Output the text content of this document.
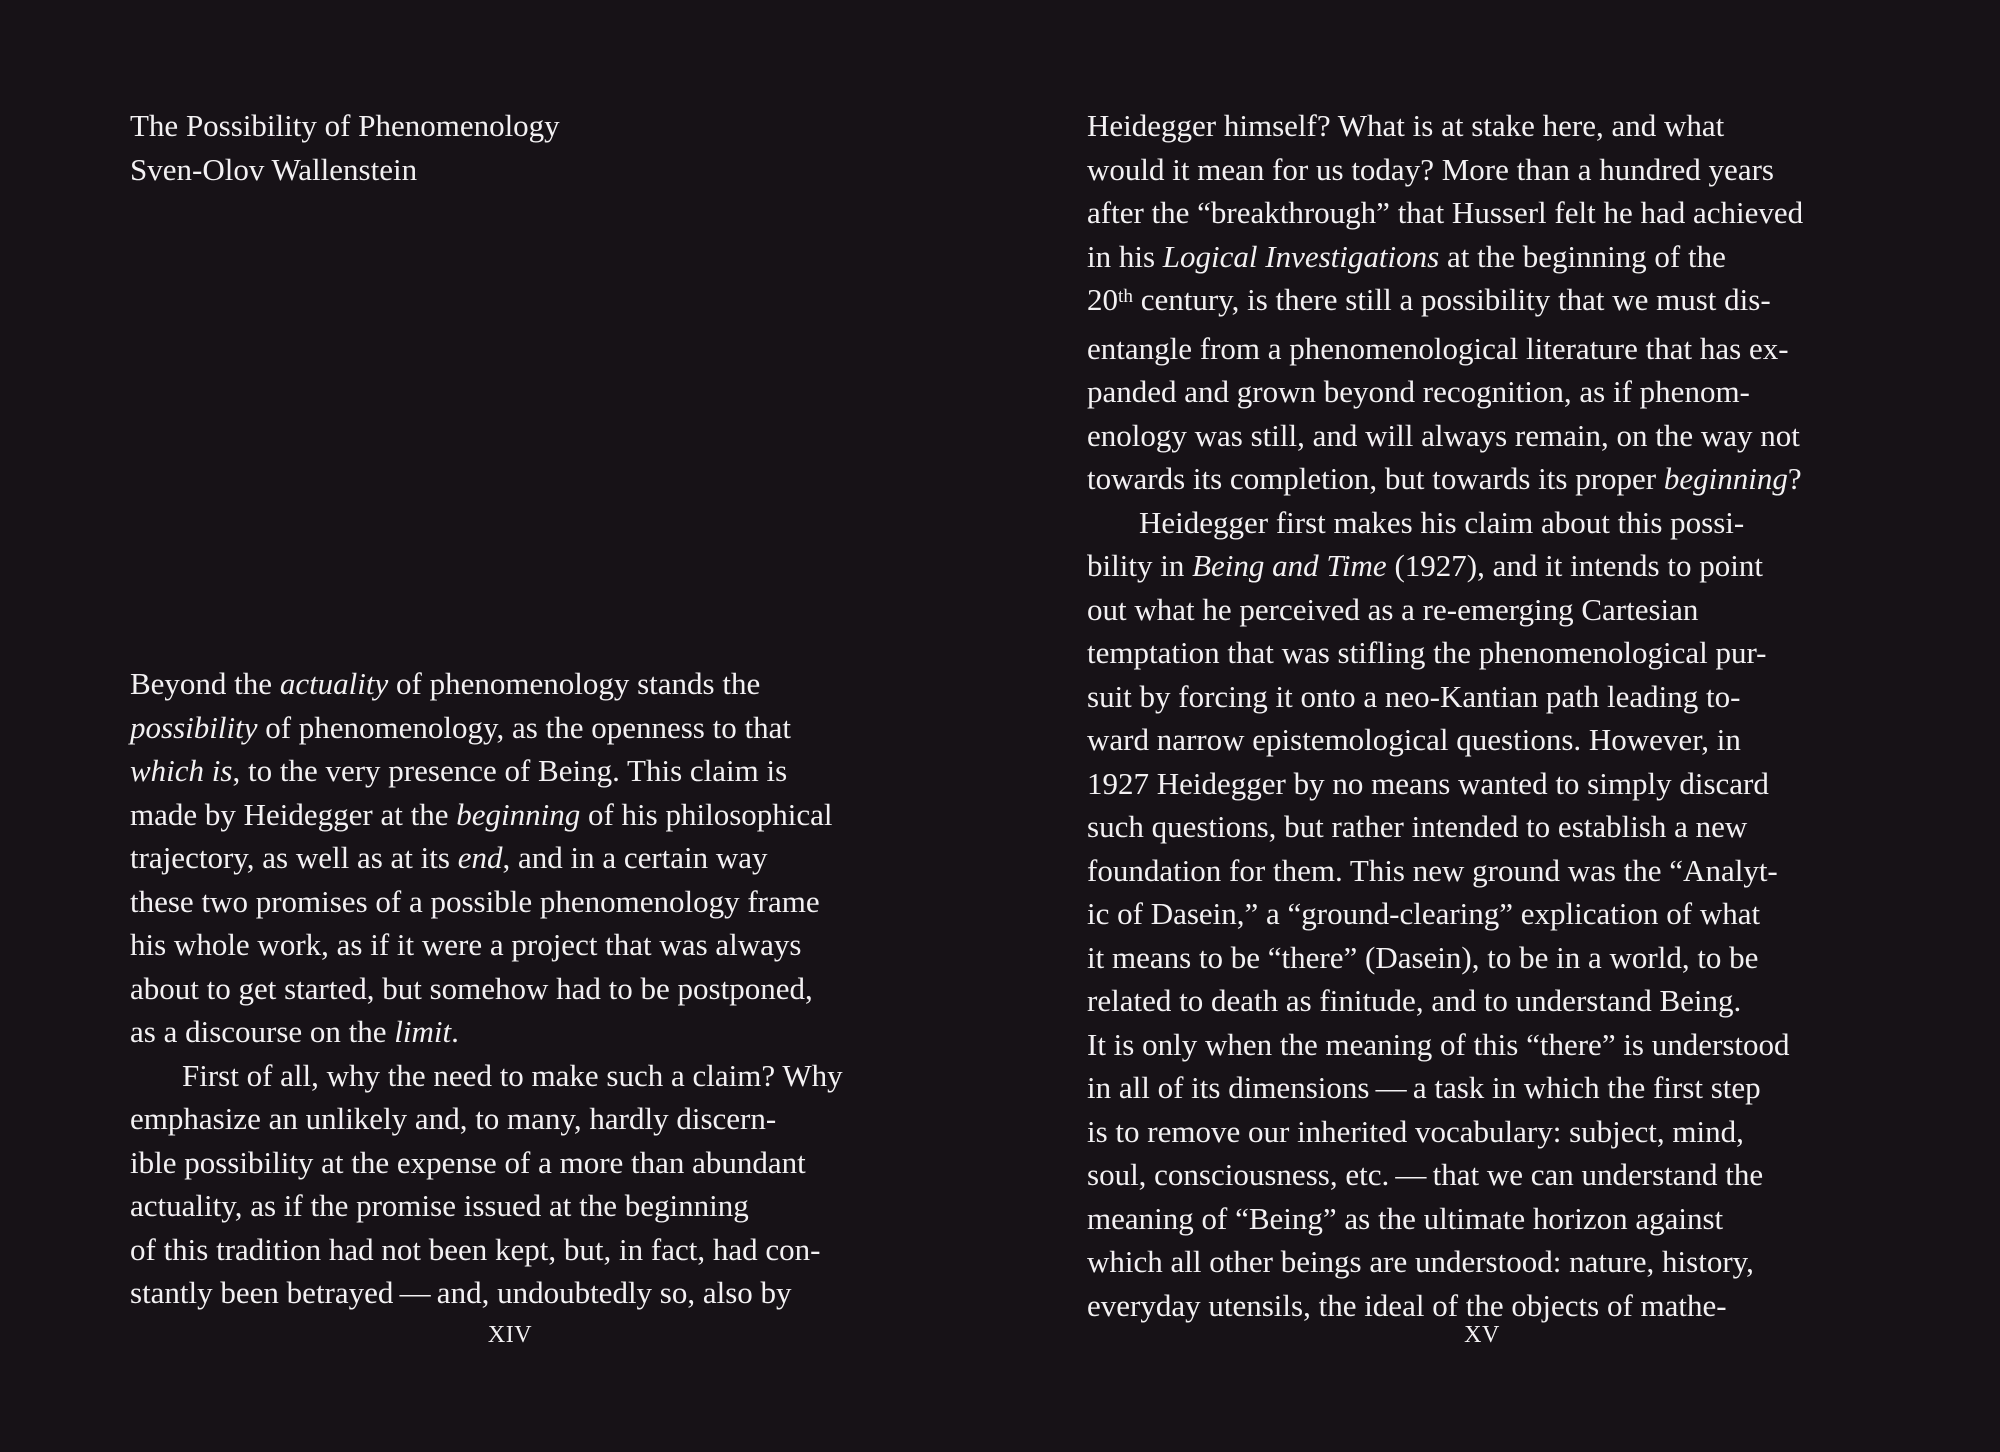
The Possibility of Phenomenology
Sven-Olov Wallenstein
Beyond the actuality of phenomenology stands the
possibility of phenomenology, as the openness to that
which is, to the very presence of Being. This claim is
made by Heidegger at the beginning of his philosophical
trajectory, as well as at its end, and in a certain way
these two promises of a possible phenomenology frame
his whole work, as if it were a project that was always
about to get started, but somehow had to be postponed,
as a discourse on the limit.
First of all, why the need to make such a claim? Why
emphasize an unlikely and, to many, hardly discern-
ible possibility at the expense of a more than abundant
actuality, as if the promise issued at the beginning
of this tradition had not been kept, but, in fact, had con-
stantly been betrayed — and, undoubtedly so, also by
XIV
Heidegger himself? What is at stake here, and what
would it mean for us today? More than a hundred years
after the “breakthrough” that Husserl felt he had achieved
in his Logical Investigations at the beginning of the
20th century, is there still a possibility that we must dis-
entangle from a phenomenological literature that has ex-
panded and grown beyond recognition, as if phenom-
enology was still, and will always remain, on the way not
towards its completion, but towards its proper beginning?
Heidegger first makes his claim about this possi-
bility in Being and Time (1927), and it intends to point
out what he perceived as a re-emerging Cartesian
temptation that was stifling the phenomenological pur-
suit by forcing it onto a neo-Kantian path leading to-
ward narrow epistemological questions. However, in
1927 Heidegger by no means wanted to simply discard
such questions, but rather intended to establish a new
foundation for them. This new ground was the “Analyt-
ic of Dasein,” a “ground-clearing” explication of what
it means to be “there” (Dasein), to be in a world, to be
related to death as finitude, and to understand Being.
It is only when the meaning of this “there” is understood
in all of its dimensions — a task in which the first step
is to remove our inherited vocabulary: subject, mind,
soul, consciousness, etc. — that we can understand the
meaning of “Being” as the ultimate horizon against
which all other beings are understood: nature, history,
everyday utensils, the ideal of the objects of mathe-
XV
